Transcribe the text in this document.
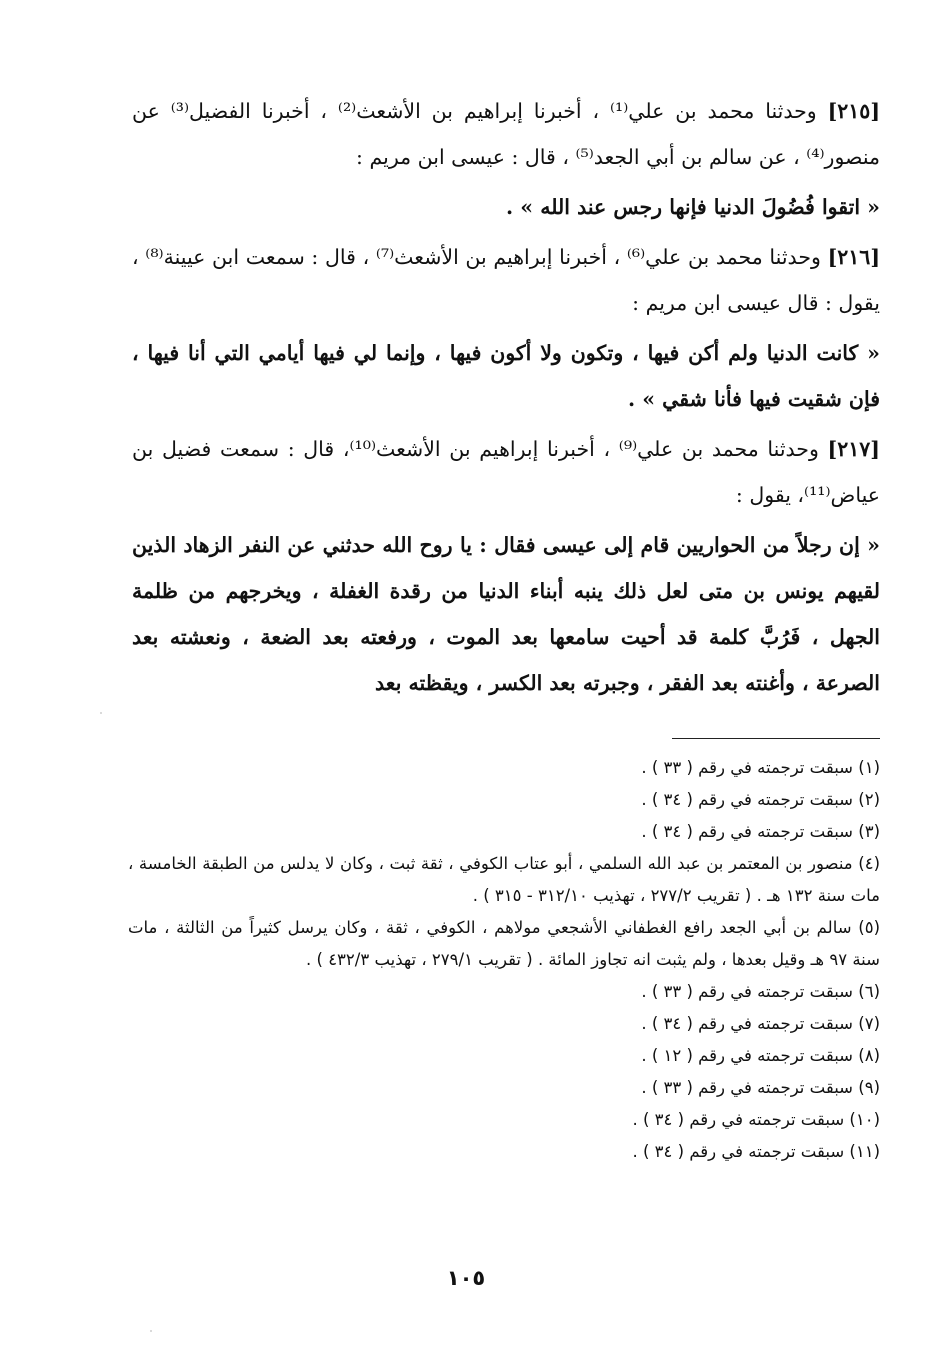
[٢١٥] وحدثنا محمد بن علي⁽¹⁾ ، أخبرنا إبراهيم بن الأشعث⁽²⁾ ، أخبرنا الفضيل⁽³⁾ عن منصور⁽⁴⁾ ، عن سالم بن أبي الجعد⁽⁵⁾ ، قال : عيسى ابن مريم :

« اتقوا فُضُولَ الدنيا فإنها رجس عند الله » .

[٢١٦] وحدثنا محمد بن علي⁽⁶⁾ ، أخبرنا إبراهيم بن الأشعث⁽⁷⁾ ، قال : سمعت ابن عيينة⁽⁸⁾ ، يقول : قال عيسى ابن مريم :

« كانت الدنيا ولم أكن فيها ، وتكون ولا أكون فيها ، وإنما لي فيها أيامي التي أنا فيها ، فإن شقيت فيها فأنا شقي » .

[٢١٧] وحدثنا محمد بن علي⁽⁹⁾ ، أخبرنا إبراهيم بن الأشعث⁽¹⁰⁾، قال : سمعت فضيل بن عياض⁽¹¹⁾، يقول :

« إن رجلاً من الحواريين قام إلى عيسى فقال : يا روح الله حدثني عن النفر الزهاد الذين لقيهم يونس بن متى لعل ذلك ينبه أبناء الدنيا من رقدة الغفلة ، ويخرجهم من ظلمة الجهل ، فَرُبَّ كلمة قد أحيت سامعها بعد الموت ، ورفعته بعد الضعة ، ونعشته بعد الصرعة ، وأغنته بعد الفقر ، وجبرته بعد الكسر ، ويقظته بعد

(١) سبقت ترجمته في رقم ( ٣٣ ) .

(٢) سبقت ترجمته في رقم ( ٣٤ ) .

(٣) سبقت ترجمته في رقم ( ٣٤ ) .

(٤) منصور بن المعتمر بن عبد الله السلمي ، أبو عتاب الكوفي ، ثقة ثبت ، وكان لا يدلس من الطبقة الخامسة ، مات سنة ١٣٢ هـ . ( تقريب ٢٧٧/٢ ، تهذيب ٣١٢/١٠ - ٣١٥ ) .

(٥) سالم بن أبي الجعد رافع الغطفاني الأشجعي مولاهم ، الكوفي ، ثقة ، وكان يرسل كثيراً من الثالثة ، مات سنة ٩٧ هـ وقيل بعدها ، ولم يثبت انه تجاوز المائة . ( تقريب ٢٧٩/١ ، تهذيب ٤٣٢/٣ ) .

(٦) سبقت ترجمته في رقم ( ٣٣ ) .

(٧) سبقت ترجمته في رقم ( ٣٤ ) .

(٨) سبقت ترجمته في رقم ( ١٢ ) .

(٩) سبقت ترجمته في رقم ( ٣٣ ) .

(١٠) سبقت ترجمته في رقم ( ٣٤ ) .

(١١) سبقت ترجمته في رقم ( ٣٤ ) .

١٠٥
